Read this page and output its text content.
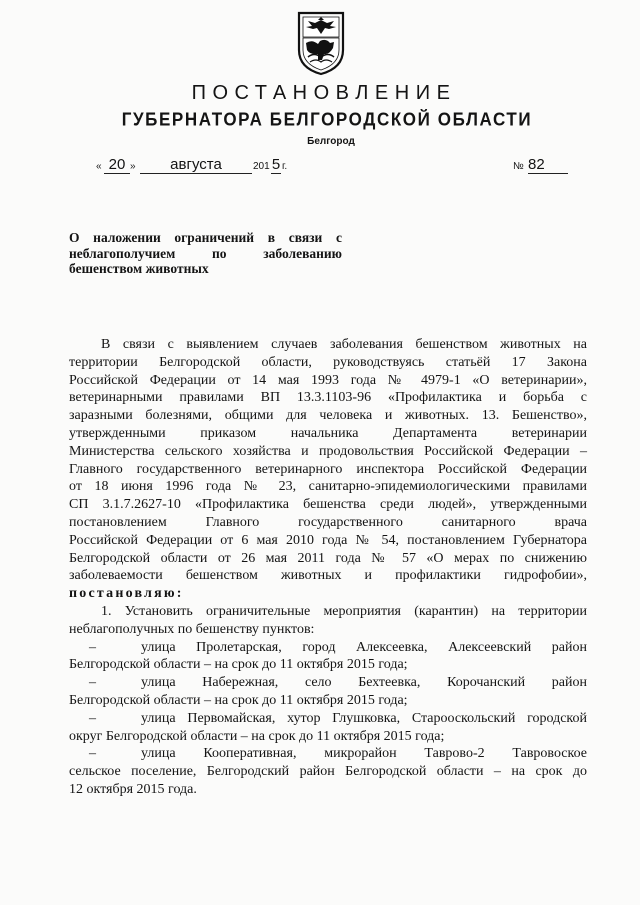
ПОСТАНОВЛЕНИЕ
ГУБЕРНАТОРА БЕЛГОРОДСКОЙ ОБЛАСТИ
Белгород
« 20 »	августа	201 5 г.	№ 82
О наложении ограничений в связи с
неблагополучием по заболеванию
бешенством животных
В связи с выявлением случаев заболевания бешенством животных на
территории Белгородской области, руководствуясь статьёй 17 Закона
Российской Федерации от 14 мая 1993 года № 4979-1 «О ветеринарии»,
ветеринарными правилами ВП 13.3.1103-96 «Профилактика и борьба с
заразными болезнями, общими для человека и животных. 13. Бешенство»,
утвержденными приказом начальника Департамента ветеринарии
Министерства сельского хозяйства и продовольствия Российской Федерации –
Главного государственного ветеринарного инспектора Российской Федерации
от 18 июня 1996 года № 23, санитарно-эпидемиологическими правилами
СП 3.1.7.2627-10 «Профилактика бешенства среди людей», утвержденными
постановлением Главного государственного санитарного врача
Российской Федерации от 6 мая 2010 года № 54, постановлением Губернатора
Белгородской области от 26 мая 2011 года № 57 «О мерах по снижению
заболеваемости бешенством животных и профилактики гидрофобии»,
постановляю:
1. Установить ограничительные мероприятия (карантин) на территории
неблагополучных по бешенству пунктов:
–	улица Пролетарская, город Алексеевка, Алексеевский район
Белгородской области – на срок до 11 октября 2015 года;
–	улица Набережная, село Бехтеевка, Корочанский район
Белгородской области – на срок до 11 октября 2015 года;
–	улица Первомайская, хутор Глушковка, Старооскольский городской
округ Белгородской области – на срок до 11 октября 2015 года;
–	улица Кооперативная, микрорайон Таврово-2 Тавровоское
сельское поселение, Белгородский район Белгородской области – на срок до
12 октября 2015 года.
